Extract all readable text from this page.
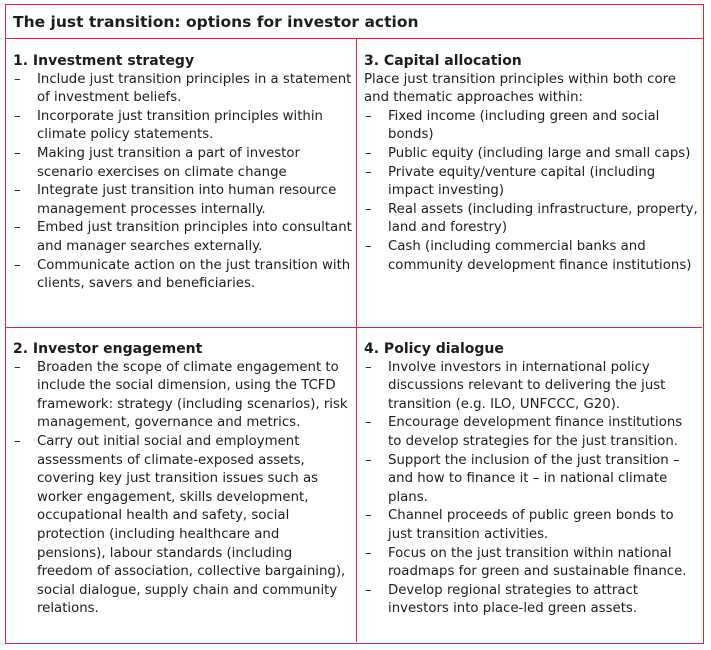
The just transition: options for investor action
1. Investment strategy
– Include just transition principles in a statement of investment beliefs.
– Incorporate just transition principles within climate policy statements.
– Making just transition a part of investor scenario exercises on climate change
– Integrate just transition into human resource management processes internally.
– Embed just transition principles into consultant and manager searches externally.
– Communicate action on the just transition with clients, savers and beneficiaries.
3. Capital allocation

Place just transition principles within both core and thematic approaches within:

– Fixed income (including green and social bonds)
– Public equity (including large and small caps)
– Private equity/venture capital (including impact investing)
– Real assets (including infrastructure, property, land and forestry)
– Cash (including commercial banks and community development finance institutions)
2. Investor engagement
– Broaden the scope of climate engagement to include the social dimension, using the TCFD framework: strategy (including scenarios), risk management, governance and metrics.
– Carry out initial social and employment assessments of climate-exposed assets, covering key just transition issues such as worker engagement, skills development, occupational health and safety, social protection (including healthcare and pensions), labour standards (including freedom of association, collective bargaining), social dialogue, supply chain and community relations.
4. Policy dialogue
– Involve investors in international policy discussions relevant to delivering the just transition (e.g. ILO, UNFCCC, G20).
– Encourage development finance institutions to develop strategies for the just transition.
– Support the inclusion of the just transition – and how to finance it – in national climate plans.
– Channel proceeds of public green bonds to just transition activities.
– Focus on the just transition within national roadmaps for green and sustainable finance.
– Develop regional strategies to attract investors into place-led green assets.
